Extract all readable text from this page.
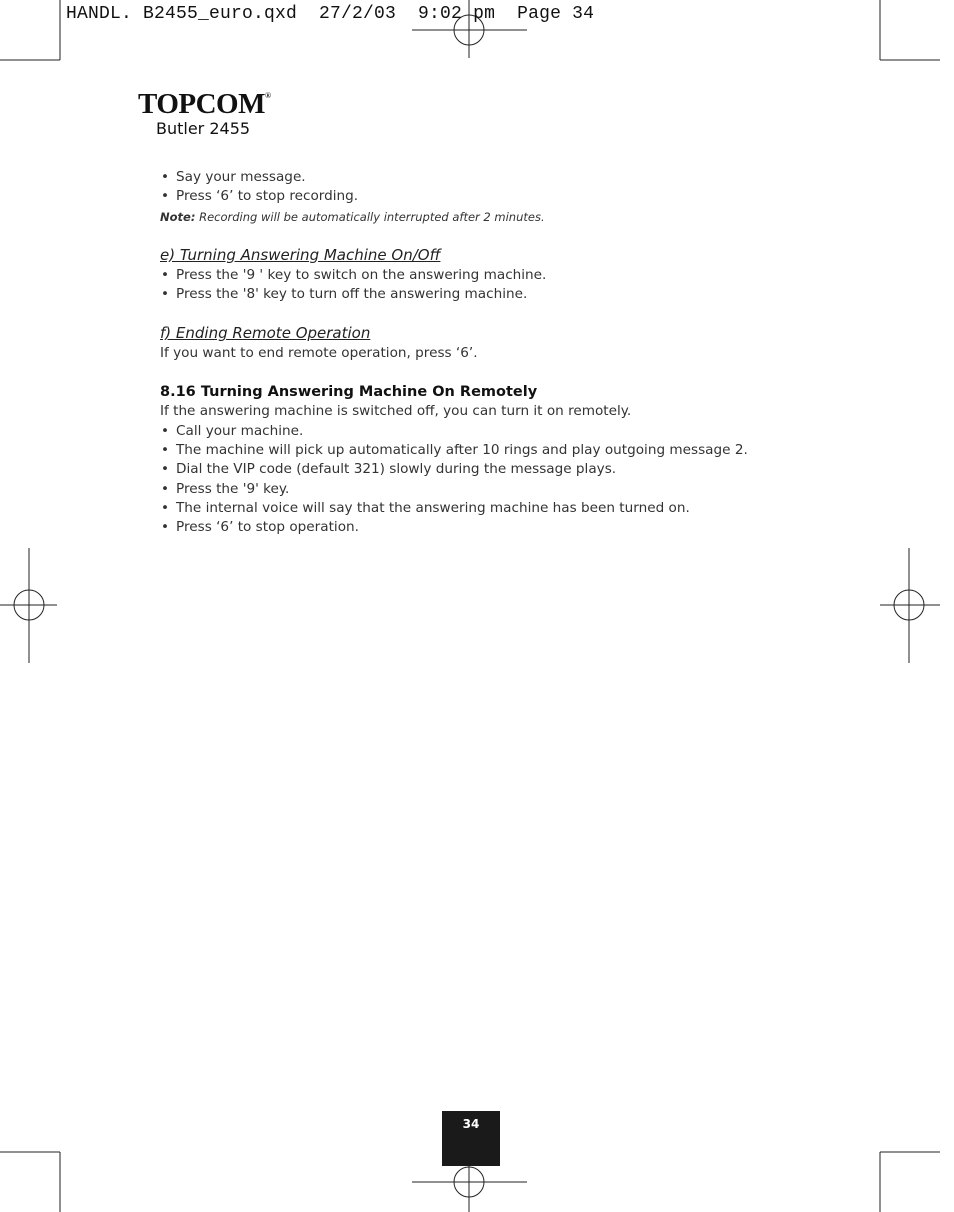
HANDL. B2455_euro.qxd  27/2/03  9:02 pm  Page 34
TOPCOM®
Butler 2455
• Say your message.
• Press ‘6’ to stop recording.
Note: Recording will be automatically interrupted after 2 minutes.
e) Turning Answering Machine On/Off
• Press the '9 ' key to switch on the answering machine.
• Press the '8' key to turn off the answering machine.
f) Ending Remote Operation
If you want to end remote operation, press ‘6’.
8.16 Turning Answering Machine On Remotely
If the answering machine is switched off, you can turn it on remotely.
• Call your machine.
• The machine will pick up automatically after 10 rings and play outgoing message 2.
• Dial the VIP code (default 321) slowly during the message plays.
• Press the '9' key.
• The internal voice will say that the answering machine has been turned on.
• Press ‘6’ to stop operation.
34
